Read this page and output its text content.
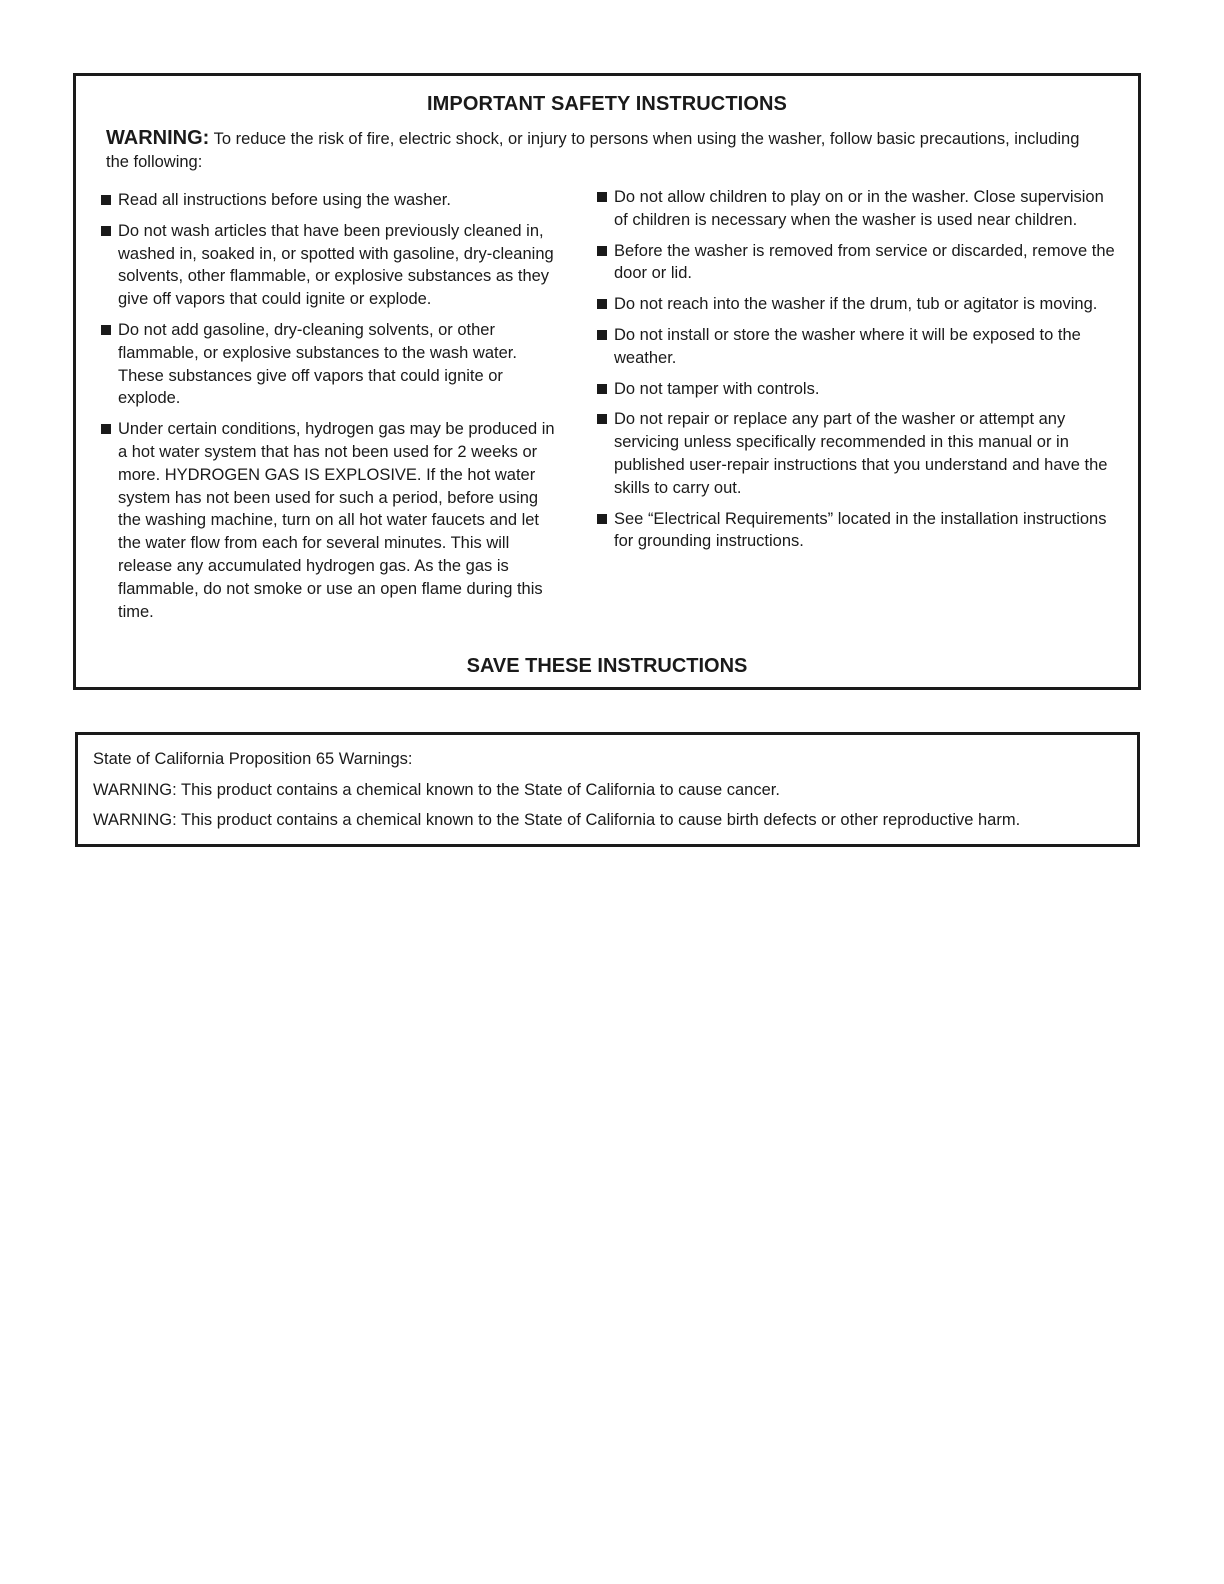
IMPORTANT SAFETY INSTRUCTIONS
WARNING: To reduce the risk of fire, electric shock, or injury to persons when using the washer, follow basic precautions, including the following:
Read all instructions before using the washer.
Do not wash articles that have been previously cleaned in, washed in, soaked in, or spotted with gasoline, dry-cleaning solvents, other flammable, or explosive substances as they give off vapors that could ignite or explode.
Do not add gasoline, dry-cleaning solvents, or other flammable, or explosive substances to the wash water. These substances give off vapors that could ignite or explode.
Under certain conditions, hydrogen gas may be produced in a hot water system that has not been used for 2 weeks or more. HYDROGEN GAS IS EXPLOSIVE. If the hot water system has not been used for such a period, before using the washing machine, turn on all hot water faucets and let the water flow from each for several minutes. This will release any accumulated hydrogen gas. As the gas is flammable, do not smoke or use an open flame during this time.
Do not allow children to play on or in the washer. Close supervision of children is necessary when the washer is used near children.
Before the washer is removed from service or discarded, remove the door or lid.
Do not reach into the washer if the drum, tub or agitator is moving.
Do not install or store the washer where it will be exposed to the weather.
Do not tamper with controls.
Do not repair or replace any part of the washer or attempt any servicing unless specifically recommended in this manual or in published user-repair instructions that you understand and have the skills to carry out.
See “Electrical Requirements” located in the installation instructions for grounding instructions.
SAVE THESE INSTRUCTIONS

State of California Proposition 65 Warnings:

WARNING: This product contains a chemical known to the State of California to cause cancer.

WARNING: This product contains a chemical known to the State of California to cause birth defects or other reproductive harm.
